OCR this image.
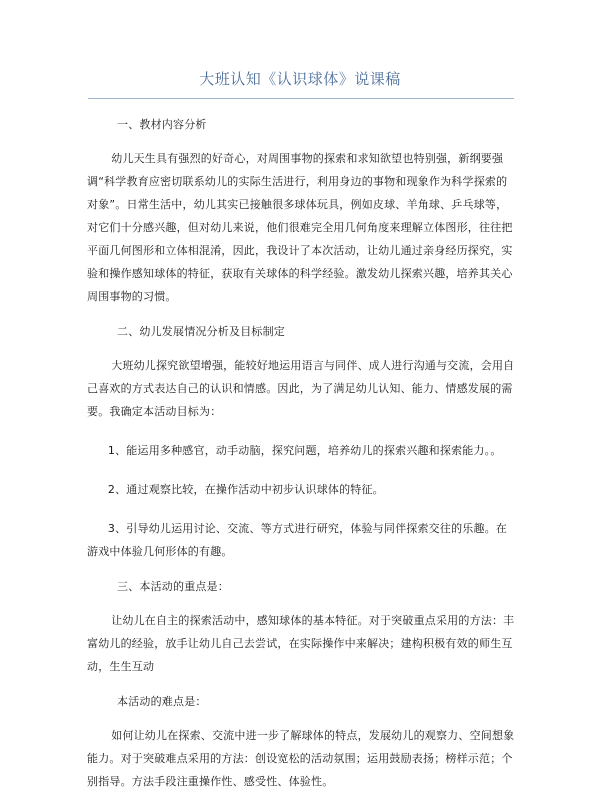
大班认知《认识球体》说课稿

一、教材内容分析

幼儿天生具有强烈的好奇心，对周围事物的探索和求知欲望也特别强，新纲要强调“科学教育应密切联系幼儿的实际生活进行，利用身边的事物和现象作为科学探索的对象”。日常生活中，幼儿其实已接触很多球体玩具，例如皮球、羊角球、乒乓球等，对它们十分感兴趣，但对幼儿来说，他们很难完全用几何角度来理解立体图形，往往把平面几何图形和立体相混淆，因此，我设计了本次活动，让幼儿通过亲身经历探究，实验和操作感知球体的特征，获取有关球体的科学经验。激发幼儿探索兴趣，培养其关心周围事物的习惯。

二、幼儿发展情况分析及目标制定

大班幼儿探究欲望增强，能较好地运用语言与同伴、成人进行沟通与交流，会用自己喜欢的方式表达自己的认识和情感。因此，为了满足幼儿认知、能力、情感发展的需要。我确定本活动目标为：

1、能运用多种感官，动手动脑，探究问题，培养幼儿的探索兴趣和探索能力。。

2、通过观察比较，在操作活动中初步认识球体的特征。

3、引导幼儿运用讨论、交流、等方式进行研究，体验与同伴探索交往的乐趣。在游戏中体验几何形体的有趣。

三、本活动的重点是：

让幼儿在自主的探索活动中，感知球体的基本特征。对于突破重点采用的方法：丰富幼儿的经验，放手让幼儿自己去尝试，在实际操作中来解决；建构积极有效的师生互动，生生互动

本活动的难点是：

如何让幼儿在探索、交流中进一步了解球体的特点，发展幼儿的观察力、空间想象能力。对于突破难点采用的方法：创设宽松的活动氛围；运用鼓励表扬；榜样示范；个别指导。方法手段注重操作性、感受性、体验性。
